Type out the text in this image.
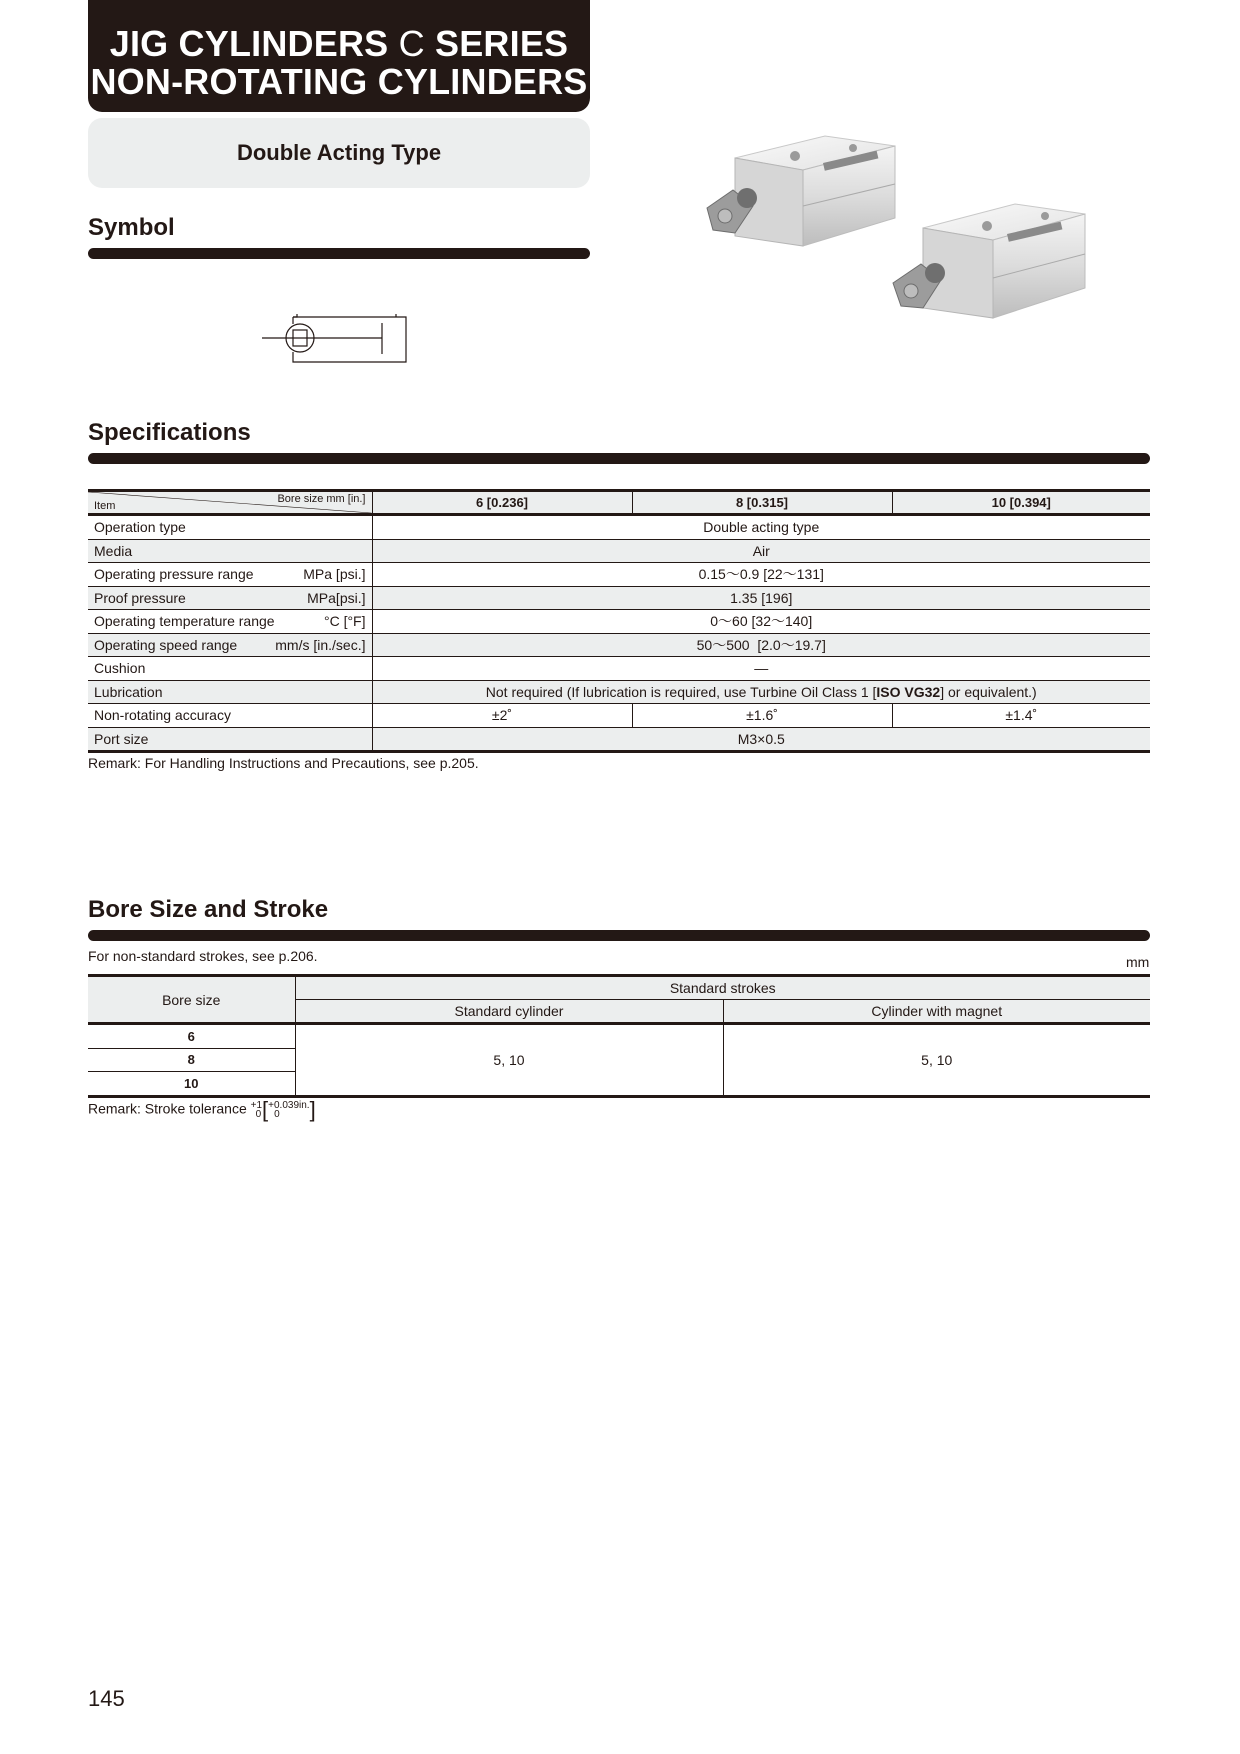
JIG CYLINDERS C SERIES
NON-ROTATING CYLINDERS
Double Acting Type
Symbol
Specifications
Item
Bore size mm [in.]	6 [0.236]	8 [0.315]	10 [0.394]

Operation type	Double acting type		

Media	Air		

Operating pressure range MPa [psi.]	0.15～0.9 [22～131]		

Proof pressure MPa[psi.]	1.35 [196]		

Operating temperature range °C [°F]	0～60 [32～140]		

Operating speed range mm/s [in./sec.]	50～500  [2.0～19.7]		

Cushion	—		

Lubrication	Not required (If lubrication is required, use Turbine Oil Class 1 [ISO VG32] or equivalent.)		

Non-rotating accuracy	±2˚	±1.6˚	±1.4˚

Port size	M3×0.5		
Remark: For Handling Instructions and Precautions, see p.205.
Bore Size and Stroke
For non-standard strokes, see p.206.	mm
Bore size	Standard strokes	
	Standard cylinder	Cylinder with magnet
6	5, 10	5, 10
8		
10		
Remark: Stroke tolerance +1
0 [ +0.039in.
0	]
145
